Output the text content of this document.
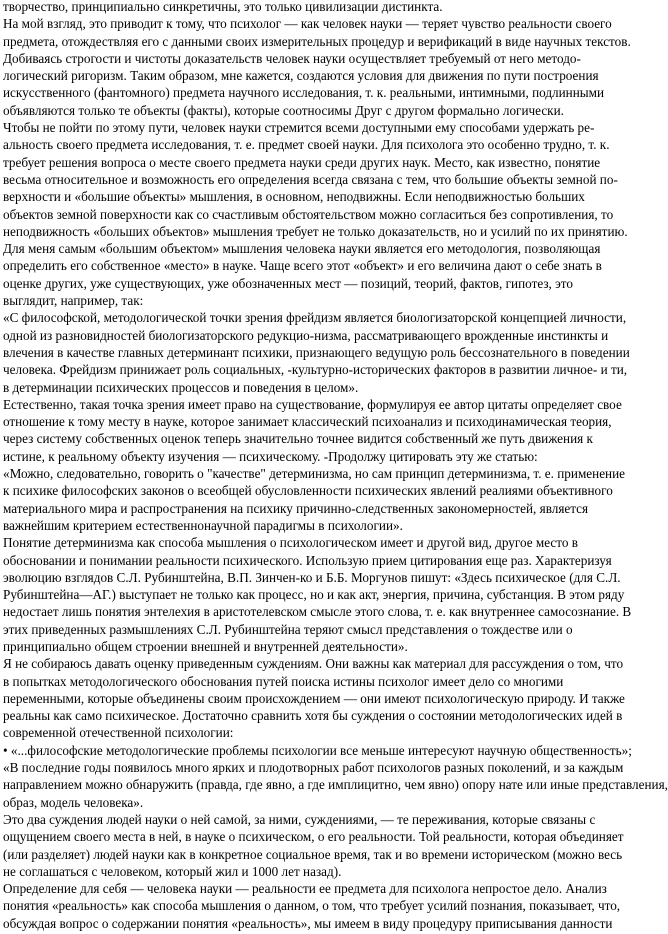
творчество, принципиально синкретичны, это только цивилизации дистинкта.
На мой взгляд, это приводит к тому, что психолог — как человек науки — теряет чувство реальности своего
предмета, отождествляя его с данными своих измерительных процедур и верификаций в виде научных текстов.
Добиваясь строгости и чистоты доказательств человек науки осуществляет требуемый от него методо-
логический ригоризм. Таким образом, мне кажется, создаются условия для движения по пути построения
искусственного (фантомного) предмета научного исследования, т. к. реальными, интимными, подлинными
объявляются только те объекты (факты), которые соотносимы Друг с другом формально логически.
Чтобы не пойти по этому пути, человек науки стремится всеми доступными ему способами удержать ре-
альность своего предмета исследования, т. е. предмет своей науки. Для психолога это особенно трудно, т. к.
требует решения вопроса о месте своего предмета науки среди других наук. Место, как известно, понятие
весьма относительное и возможность его определения всегда связана с тем, что большие объекты земной по-
верхности и «большие объекты» мышления, в основном, неподвижны. Если неподвижностью больших
объектов земной поверхности как со счастливым обстоятельством можно согласиться без сопротивления, то
неподвижность «больших объектов» мышления требует не только доказательств, но и усилий по их принятию.
Для меня самым «большим объектом» мышления человека науки является его методология, позволяющая
определить его собственное «место» в науке. Чаще всего этот «объект» и его величина дают о себе знать в
оценке других, уже существующих, уже обозначенных мест — позиций, теорий, фактов, гипотез, это
выглядит, например, так:
«С философской, методологической точки зрения фрейдизм является биологизаторской концепцией личности,
одной из разновидностей биологизаторского редукцио-низма, рассматривающего врожденные инстинкты и
влечения в качестве главных детерминант психики, признающего ведущую роль бессознательного в поведении
человека. Фрейдизм принижает роль социальных, -культурно-исторических факторов в развитии личное- и ти,
в детерминации психических процессов и поведения в целом».
Естественно, такая точка зрения имеет право на существование, формулируя ее автор цитаты определяет свое
отношение к тому месту в науке, которое занимает классический психоанализ и психодинамическая теория,
через систему собственных оценок теперь значительно точнее видится собственный же путь движения к
истине, к реальному объекту изучения — психическому. -Продолжу цитировать эту же статью:
«Можно, следовательно, говорить о "качестве" детерминизма, но сам принцип детерминизма, т. е. применение
к психике философских законов о всеобщей обусловленности психических явлений реалиями объективного
материального мира и распространения на психику причинно-следственных закономерностей, является
важнейшим критерием естественнонаучной парадигмы в психологии».
Понятие детерминизма как способа мышления о психологическом имеет и другой вид, другое место в
обосновании и понимании реальности психического. Использую прием цитирования еще раз. Характеризуя
эволюцию взглядов С.Л. Рубинштейна, В.П. Зинчен-ко и Б.Б. Моргунов пишут: «Здесь психическое (для С.Л.
Рубинштейна—АГ.) выступает не только как процесс, но и как акт, энергия, причина, субстанция. В этом ряду
недостает лишь понятия энтелехия в аристотелевском смысле этого слова, т. е. как внутреннее самосознание. В
этих приведенных размышлениях С.Л. Рубинштейна теряют смысл представления о тождестве или о
принципиально общем строении внешней и внутренней деятельности».
Я не собираюсь давать оценку приведенным суждениям. Они важны как материал для рассуждения о том, что
в попытках методологического обоснования путей поиска истины психолог имеет дело со многими
переменными, которые объединены своим происхождением — они имеют психологическую природу. И также
реальны как само психическое. Достаточно сравнить хотя бы суждения о состоянии методологических идей в
современной отечественной психологии:
• «...философские методологические проблемы психологии все меньше интересуют научную общественность»;
«В последние годы появилось много ярких и плодотворных работ психологов разных поколений, и за каждым
направлением можно обнаружить (правда, где явно, а где имплицитно, чем явно) опору нате или иные представления,
образ, модель человека».
Это два суждения людей науки о ней самой, за ними, суждениями, — те переживания, которые связаны с
ощущением своего места в ней, в науке о психическом, о его реальности. Той реальности, которая объединяет
(или разделяет) людей науки как в конкретное социальное время, так и во времени историческом (можно весь
не соглашаться с человеком, который жил и 1000 лет назад).
Определение для себя — человека науки — реальности ее предмета для психолога непростое дело. Анализ
понятия «реальность» как способа мышления о данном, о том, что требует усилий познания, показывает, что,
обсуждая вопрос о содержании понятия «реальность», мы имеем в виду процедуру приписывания данности
